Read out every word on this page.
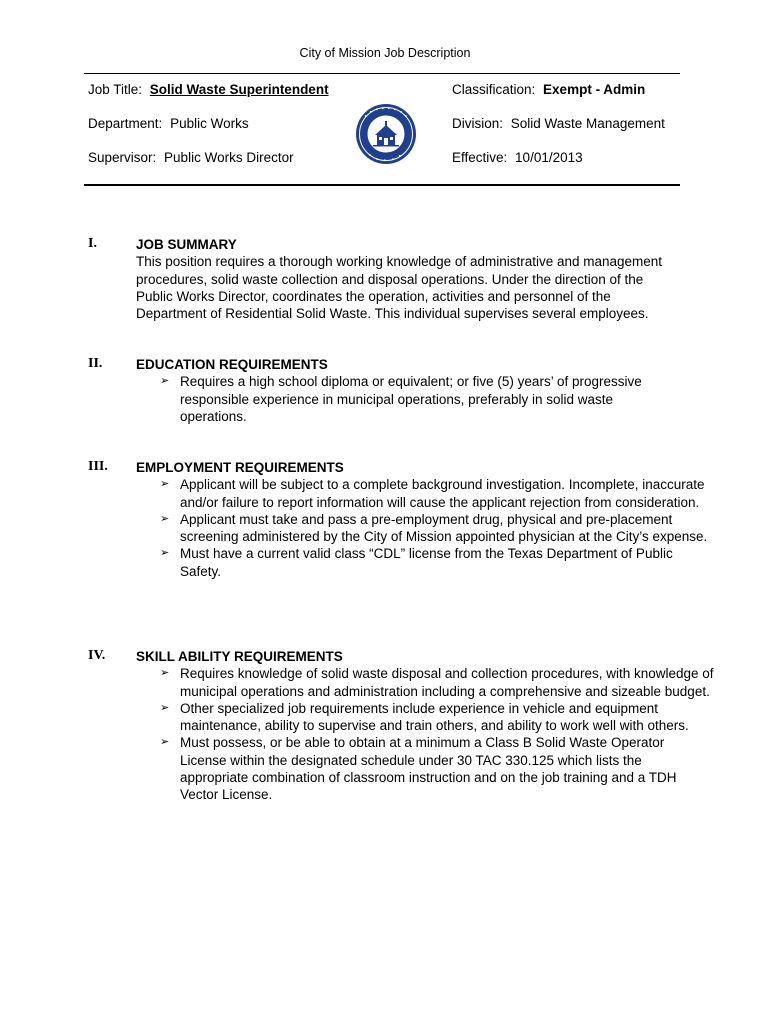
City of Mission Job Description
Job Title: Solid Waste Superintendent
Department: Public Works
Supervisor: Public Works Director
Classification: Exempt - Admin
Division: Solid Waste Management
Effective: 10/01/2013
I.	JOB SUMMARY
This position requires a thorough working knowledge of administrative and management procedures, solid waste collection and disposal operations. Under the direction of the Public Works Director, coordinates the operation, activities and personnel of the Department of Residential Solid Waste. This individual supervises several employees.
II. EDUCATION REQUIREMENTS
➢ Requires a high school diploma or equivalent; or five (5) years’ of progressive responsible experience in municipal operations, preferably in solid waste operations.
III. EMPLOYMENT REQUIREMENTS
➢ Applicant will be subject to a complete background investigation. Incomplete, inaccurate and/or failure to report information will cause the applicant rejection from consideration.
➢ Applicant must take and pass a pre-employment drug, physical and pre-placement screening administered by the City of Mission appointed physician at the City’s expense.
➢ Must have a current valid class “CDL” license from the Texas Department of Public Safety.
IV. SKILL ABILITY REQUIREMENTS
➢ Requires knowledge of solid waste disposal and collection procedures, with knowledge of municipal operations and administration including a comprehensive and sizeable budget.
➢ Other specialized job requirements include experience in vehicle and equipment maintenance, ability to supervise and train others, and ability to work well with others.
➢ Must possess, or be able to obtain at a minimum a Class B Solid Waste Operator License within the designated schedule under 30 TAC 330.125 which lists the appropriate combination of classroom instruction and on the job training and a TDH Vector License.
